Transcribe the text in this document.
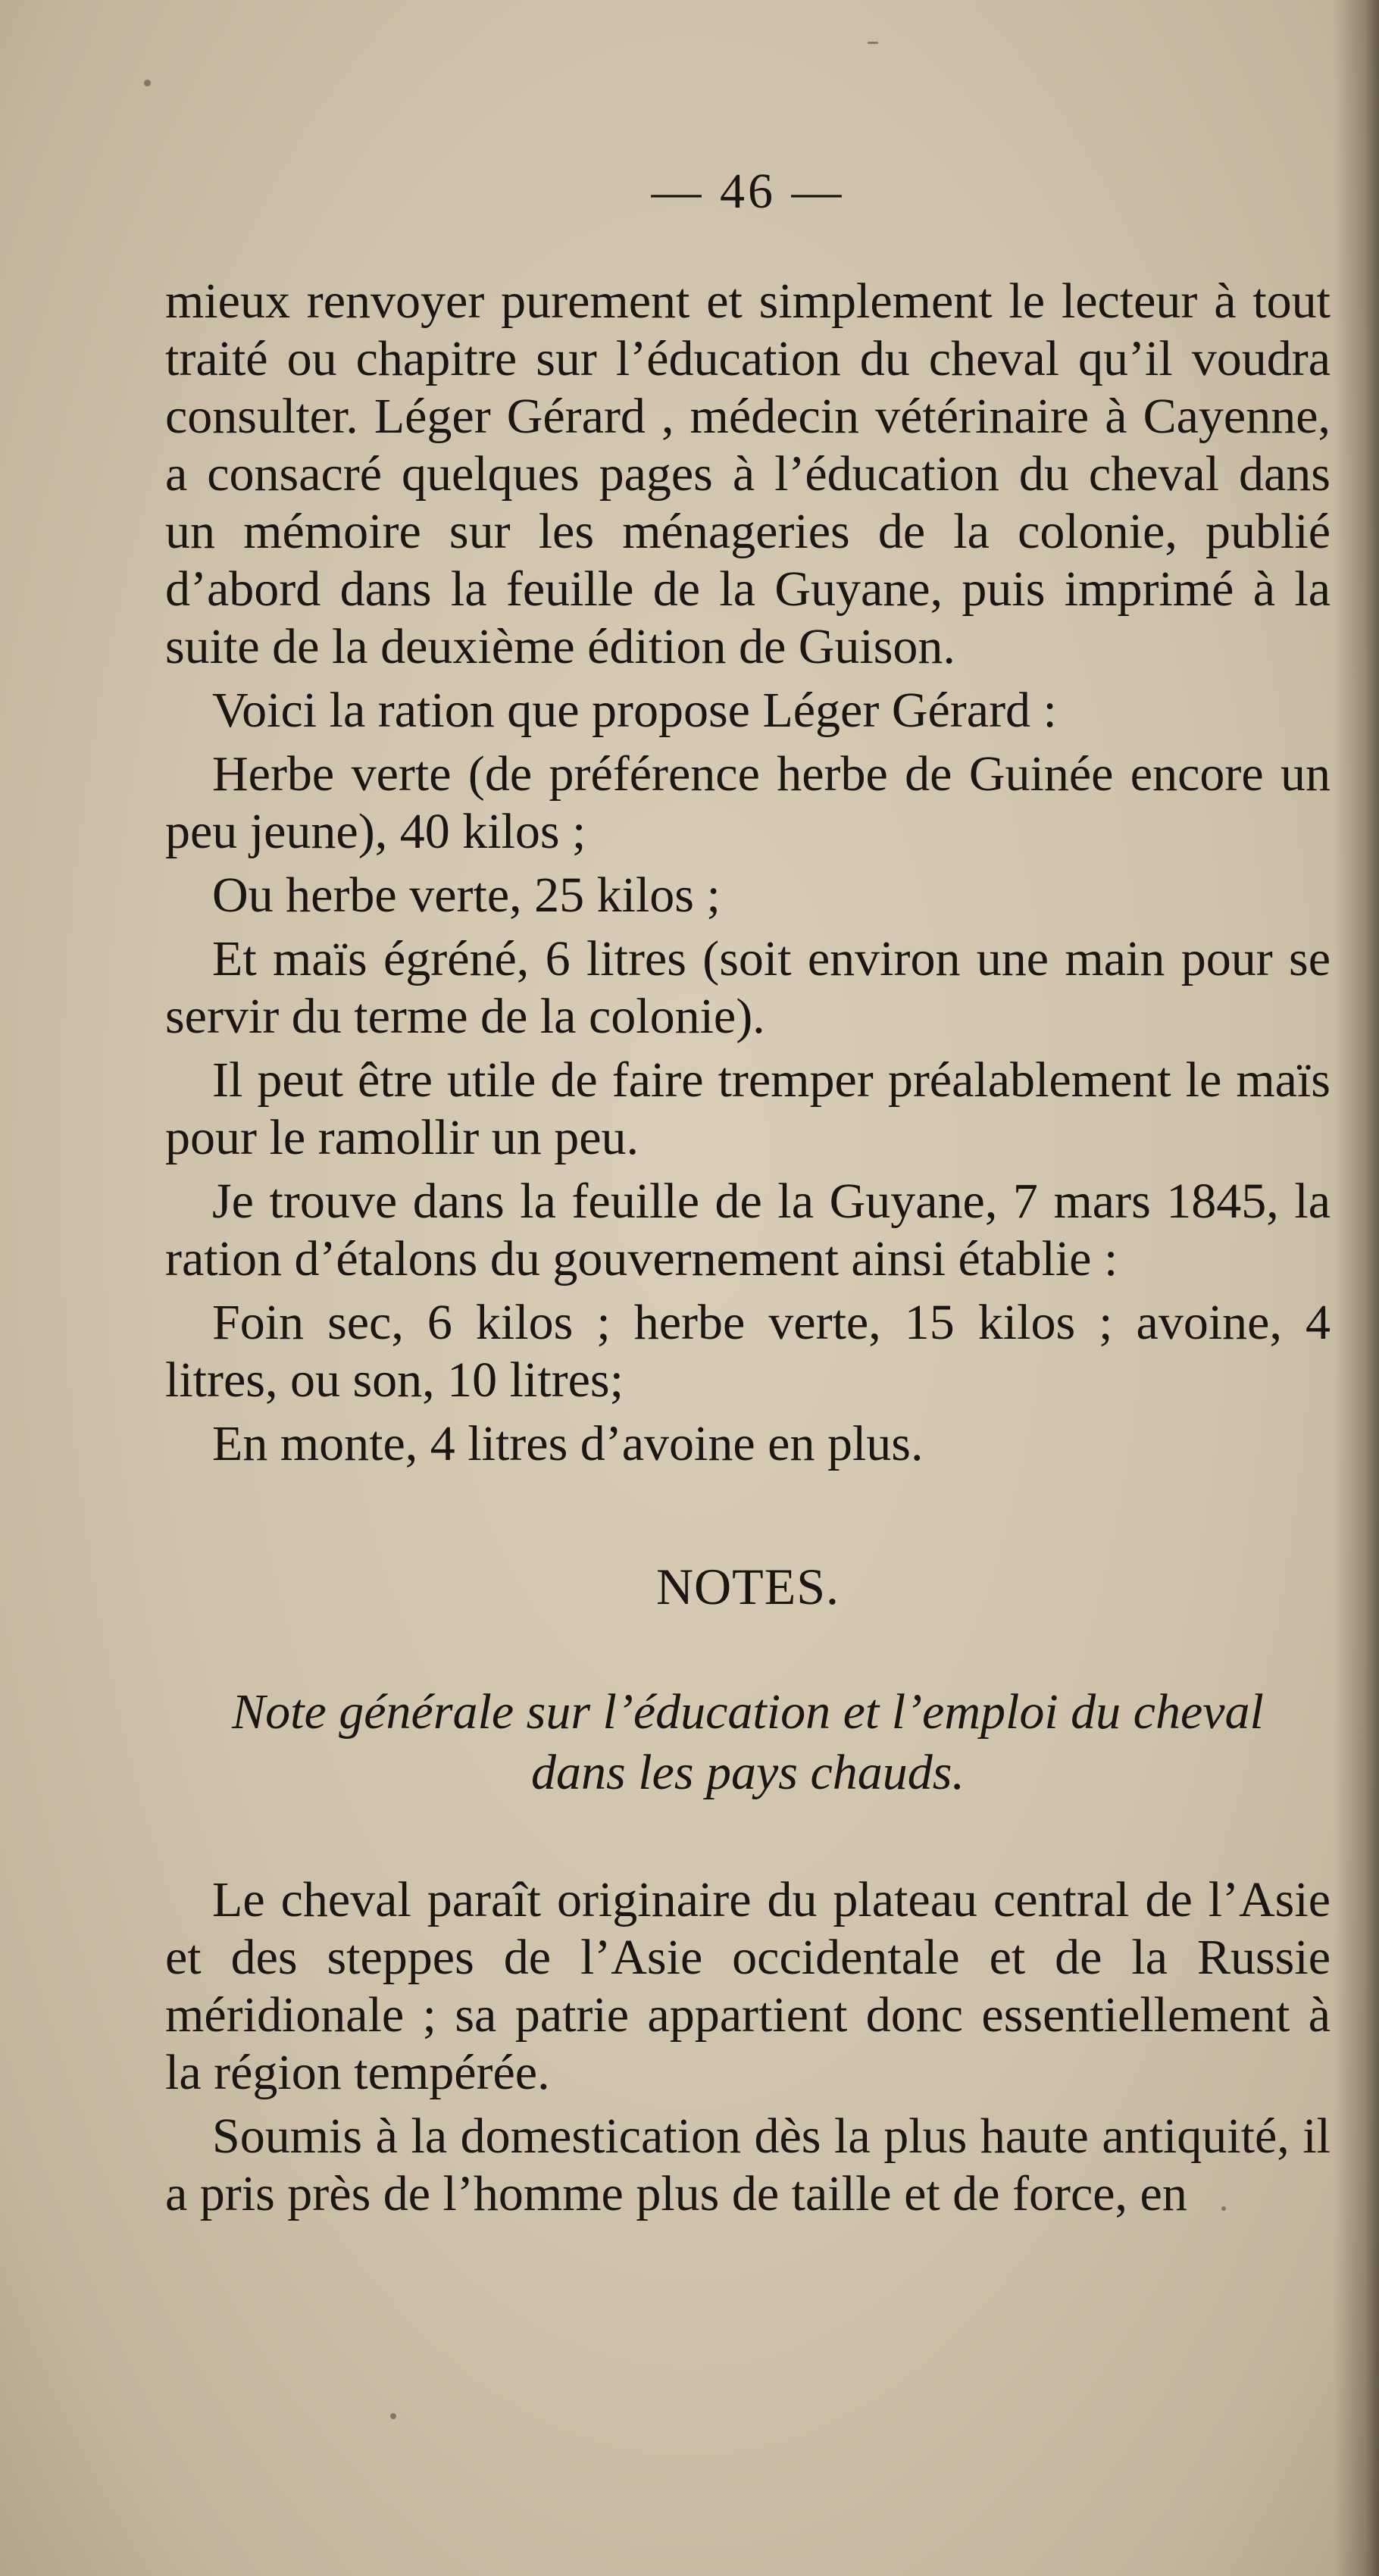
— 46 —

mieux renvoyer purement et simplement le lecteur à tout traité ou chapitre sur l’éducation du cheval qu’il voudra consulter. Léger Gérard , médecin vétérinaire à Cayenne, a consacré quelques pages à l’éducation du cheval dans un mémoire sur les ménageries de la colonie, publié d’abord dans la feuille de la Guyane, puis imprimé à la suite de la deuxième édition de Guison.

Voici la ration que propose Léger Gérard :

Herbe verte (de préférence herbe de Guinée encore un peu jeune), 40 kilos ;

Ou herbe verte, 25 kilos ;

Et maïs égréné, 6 litres (soit environ une main pour se servir du terme de la colonie).

Il peut être utile de faire tremper préalablement le maïs pour le ramollir un peu.

Je trouve dans la feuille de la Guyane, 7 mars 1845, la ration d’étalons du gouvernement ainsi établie :

Foin sec, 6 kilos ; herbe verte, 15 kilos ; avoine, 4 litres, ou son, 10 litres;

En monte, 4 litres d’avoine en plus.

NOTES.
Note générale sur l’éducation et l’emploi du cheval
dans les pays chauds.

Le cheval paraît originaire du plateau central de l’Asie et des steppes de l’Asie occidentale et de la Russie méridionale ; sa patrie appartient donc essentiellement à la région tempérée.

Soumis à la domestication dès la plus haute antiquité, il a pris près de l’homme plus de taille et de force, en
